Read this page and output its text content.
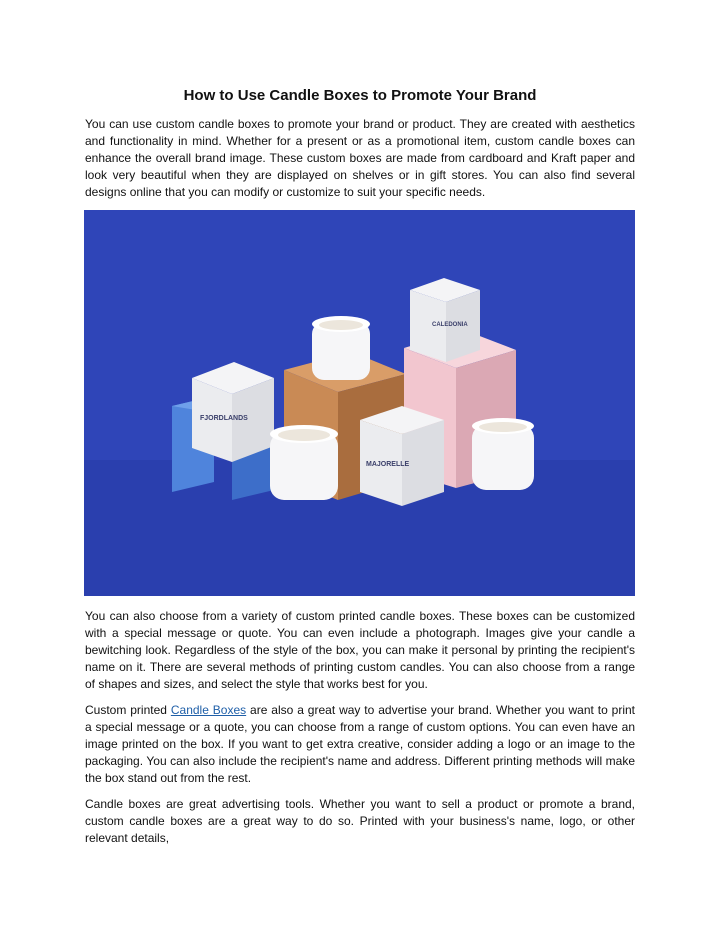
How to Use Candle Boxes to Promote Your Brand

You can use custom candle boxes to promote your brand or product. They are created with aesthetics and functionality in mind. Whether for a present or as a promotional item, custom candle boxes can enhance the overall brand image. These custom boxes are made from cardboard and Kraft paper and look very beautiful when they are displayed on shelves or in gift stores. You can also find several designs online that you can modify or customize to suit your specific needs.

FJORDLANDS
CALEDONIA
MAJORELLE

You can also choose from a variety of custom printed candle boxes. These boxes can be customized with a special message or quote. You can even include a photograph. Images give your candle a bewitching look. Regardless of the style of the box, you can make it personal by printing the recipient's name on it. There are several methods of printing custom candles. You can also choose from a range of shapes and sizes, and select the style that works best for you.

Custom printed Candle Boxes are also a great way to advertise your brand. Whether you want to print a special message or a quote, you can choose from a range of custom options. You can even have an image printed on the box. If you want to get extra creative, consider adding a logo or an image to the packaging. You can also include the recipient's name and address. Different printing methods will make the box stand out from the rest.

Candle boxes are great advertising tools. Whether you want to sell a product or promote a brand, custom candle boxes are a great way to do so. Printed with your business's name, logo, or other relevant details,
